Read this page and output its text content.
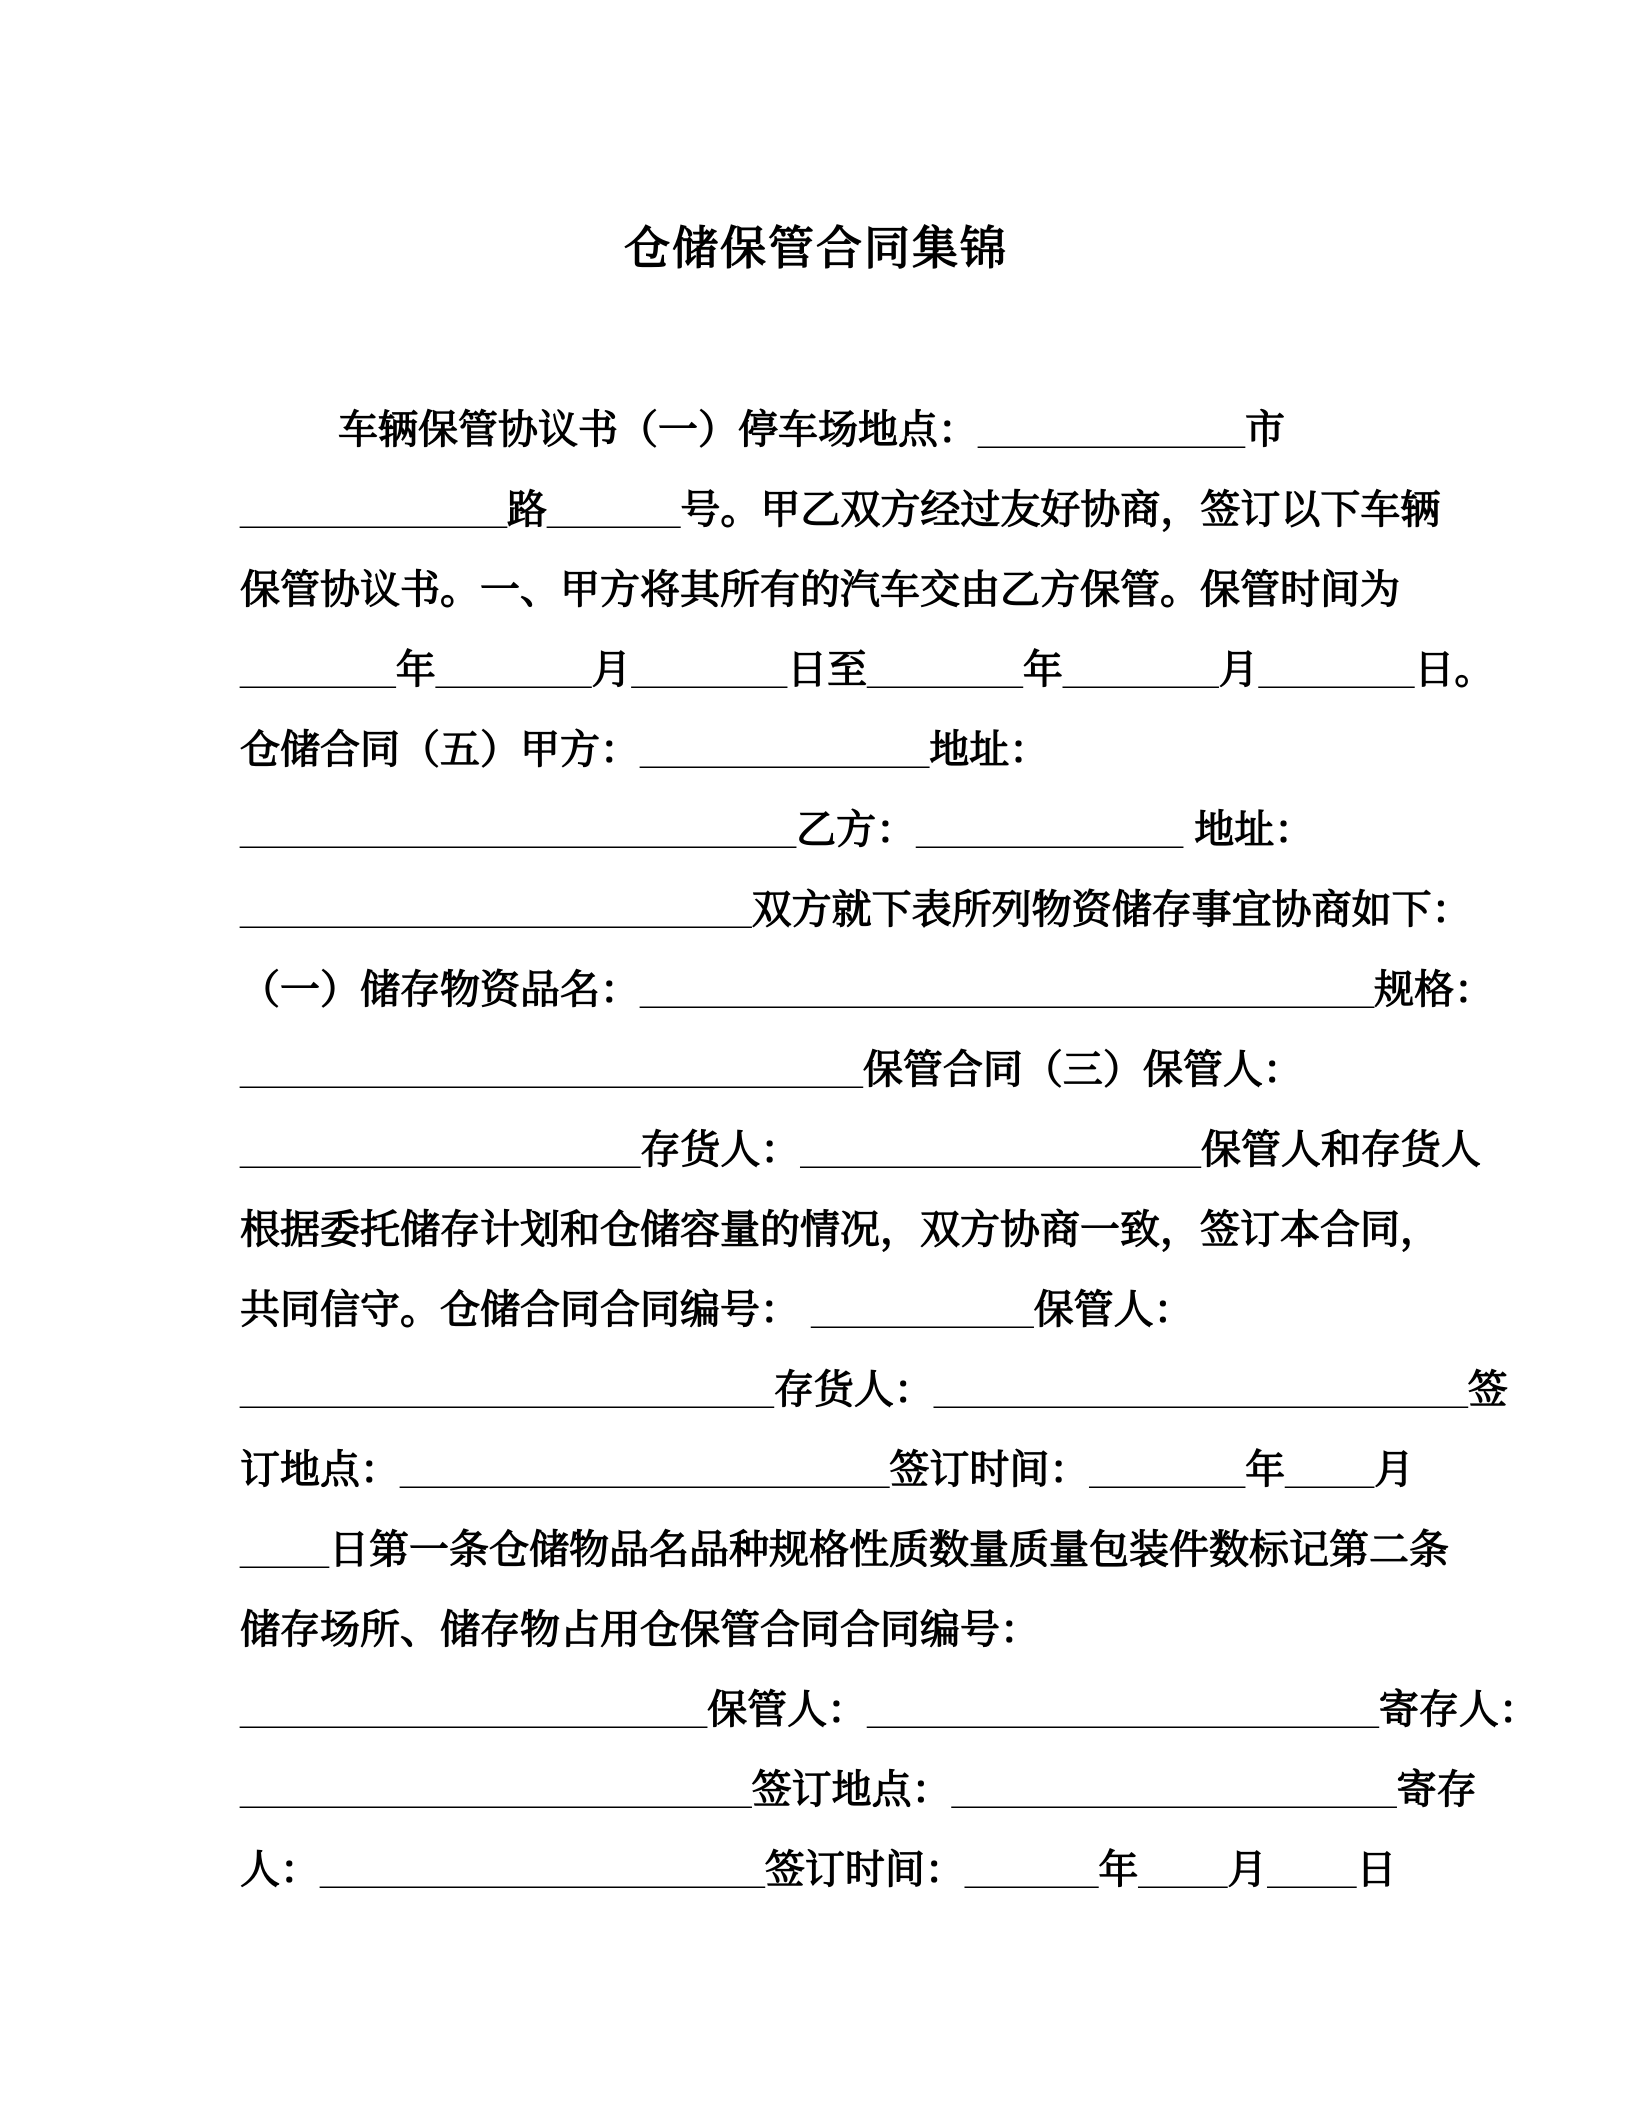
仓储保管合同集锦
车辆保管协议书（一）停车场地点：____________市
____________路______号。甲乙双方经过友好协商，签订以下车辆
保管协议书。一、甲方将其所有的汽车交由乙方保管。保管时间为
_______年_______月_______日至_______年_______月_______日。
仓储合同（五）甲方：_____________地址：
_________________________乙方：____________ 地址：
_______________________双方就下表所列物资储存事宜协商如下：
（一）储存物资品名：_________________________________规格：
____________________________保管合同（三）保管人：
__________________存货人：__________________保管人和存货人
根据委托储存计划和仓储容量的情况，双方协商一致，签订本合同，
共同信守。仓储合同合同编号： __________保管人：
________________________存货人：________________________签
订地点：______________________签订时间：_______年____月
____日第一条仓储物品名品种规格性质数量质量包装件数标记第二条
储存场所、储存物占用仓保管合同合同编号：
_____________________保管人：_______________________寄存人：
_______________________签订地点：____________________寄存
人：____________________签订时间：______年____月____日
